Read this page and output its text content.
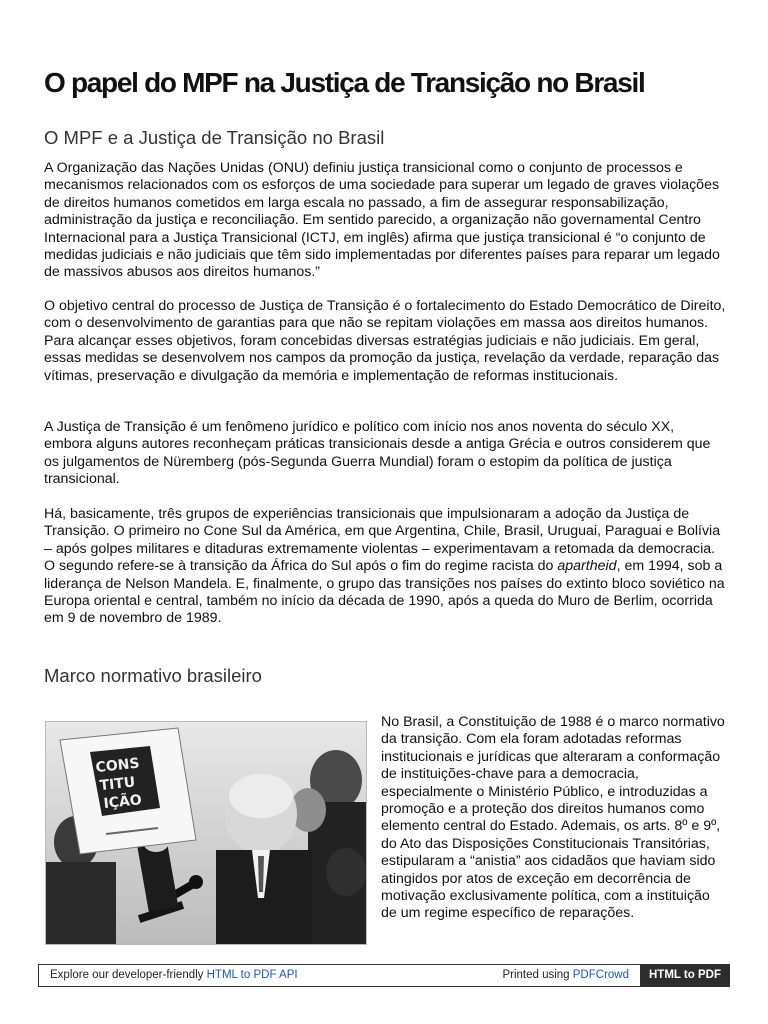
O papel do MPF na Justiça de Transição no Brasil
O MPF e a Justiça de Transição no Brasil

A Organização das Nações Unidas (ONU) definiu justiça transicional como o conjunto de processos e mecanismos relacionados com os esforços de uma sociedade para superar um legado de graves violações de direitos humanos cometidos em larga escala no passado, a fim de assegurar responsabilização, administração da justiça e reconciliação. Em sentido parecido, a organização não governamental Centro Internacional para a Justiça Transicional (ICTJ, em inglês) afirma que justiça transicional é “o conjunto de medidas judiciais e não judiciais que têm sido implementadas por diferentes países para reparar um legado de massivos abusos aos direitos humanos.”

O objetivo central do processo de Justiça de Transição é o fortalecimento do Estado Democrático de Direito, com o desenvolvimento de garantias para que não se repitam violações em massa aos direitos humanos. Para alcançar esses objetivos, foram concebidas diversas estratégias judiciais e não judiciais. Em geral, essas medidas se desenvolvem nos campos da promoção da justiça, revelação da verdade, reparação das vítimas, preservação e divulgação da memória e implementação de reformas institucionais.

A Justiça de Transição é um fenômeno jurídico e político com início nos anos noventa do século XX, embora alguns autores reconheçam práticas transicionais desde a antiga Grécia e outros considerem que os julgamentos de Nüremberg (pós-Segunda Guerra Mundial) foram o estopim da política de justiça transicional.

Há, basicamente, três grupos de experiências transicionais que impulsionaram a adoção da Justiça de Transição. O primeiro no Cone Sul da América, em que Argentina, Chile, Brasil, Uruguai, Paraguai e Bolívia – após golpes militares e ditaduras extremamente violentas – experimentavam a retomada da democracia. O segundo refere-se à transição da África do Sul após o fim do regime racista do apartheid, em 1994, sob a liderança de Nelson Mandela. E, finalmente, o grupo das transições nos países do extinto bloco soviético na Europa oriental e central, também no início da década de 1990, após a queda do Muro de Berlim, ocorrida em 9 de novembro de 1989.

Marco normativo brasileiro
CONS
TITU
IÇÃO

No Brasil, a Constituição de 1988 é o marco normativo da transição. Com ela foram adotadas reformas institucionais e jurídicas que alteraram a conformação de instituições-chave para a democracia, especialmente o Ministério Público, e introduzidas a promoção e a proteção dos direitos humanos como elemento central do Estado. Ademais, os arts. 8º e 9º, do Ato das Disposições Constitucionais Transitórias, estipularam a “anistia” aos cidadãos que haviam sido atingidos por atos de exceção em decorrência de motivação exclusivamente política, com a instituição de um regime específico de reparações.

Explore our developer-friendly HTML to PDF API	Printed using PDFCrowd	HTML to PDF
